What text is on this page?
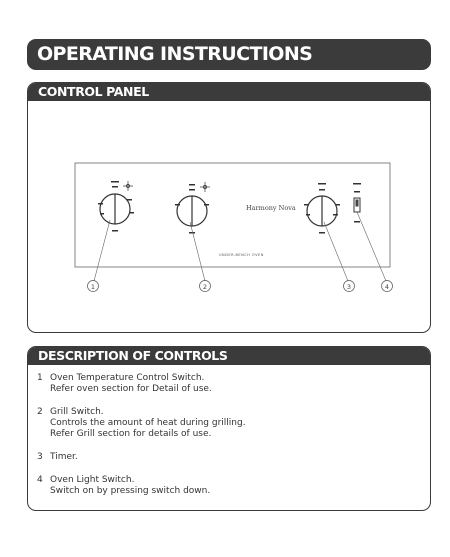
OPERATING INSTRUCTIONS
CONTROL PANEL
Harmony Nova
UNDER-BENCH OVEN
1	2	3	4
DESCRIPTION OF CONTROLS
1 Oven Temperature Control Switch.
Refer oven section for Detail of use.
2 Grill Switch.
Controls the amount of heat during grilling.
Refer Grill section for details of use.
3 Timer.
4 Oven Light Switch.
Switch on by pressing switch down.
